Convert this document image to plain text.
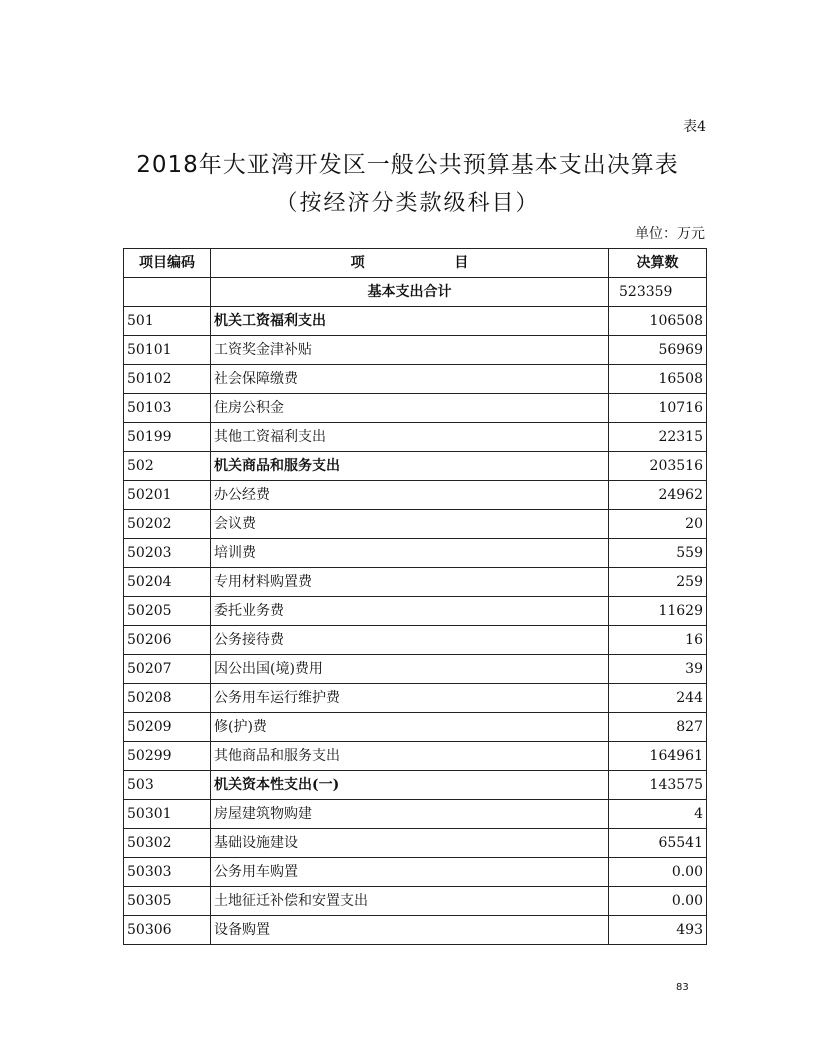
表4
2018年大亚湾开发区一般公共预算基本支出决算表
（按经济分类款级科目）
单位：万元
项目编码	项 目	决算数
	基本支出合计	523359
501	机关工资福利支出	106508
50101	工资奖金津补贴	56969
50102	社会保障缴费	16508
50103	住房公积金	10716
50199	其他工资福利支出	22315
502	机关商品和服务支出	203516
50201	办公经费	24962
50202	会议费	20
50203	培训费	559
50204	专用材料购置费	259
50205	委托业务费	11629
50206	公务接待费	16
50207	因公出国(境)费用	39
50208	公务用车运行维护费	244
50209	修(护)费	827
50299	其他商品和服务支出	164961
503	机关资本性支出(一)	143575
50301	房屋建筑物购建	4
50302	基础设施建设	65541
50303	公务用车购置	0.00
50305	土地征迁补偿和安置支出	0.00
50306	设备购置	493
83
